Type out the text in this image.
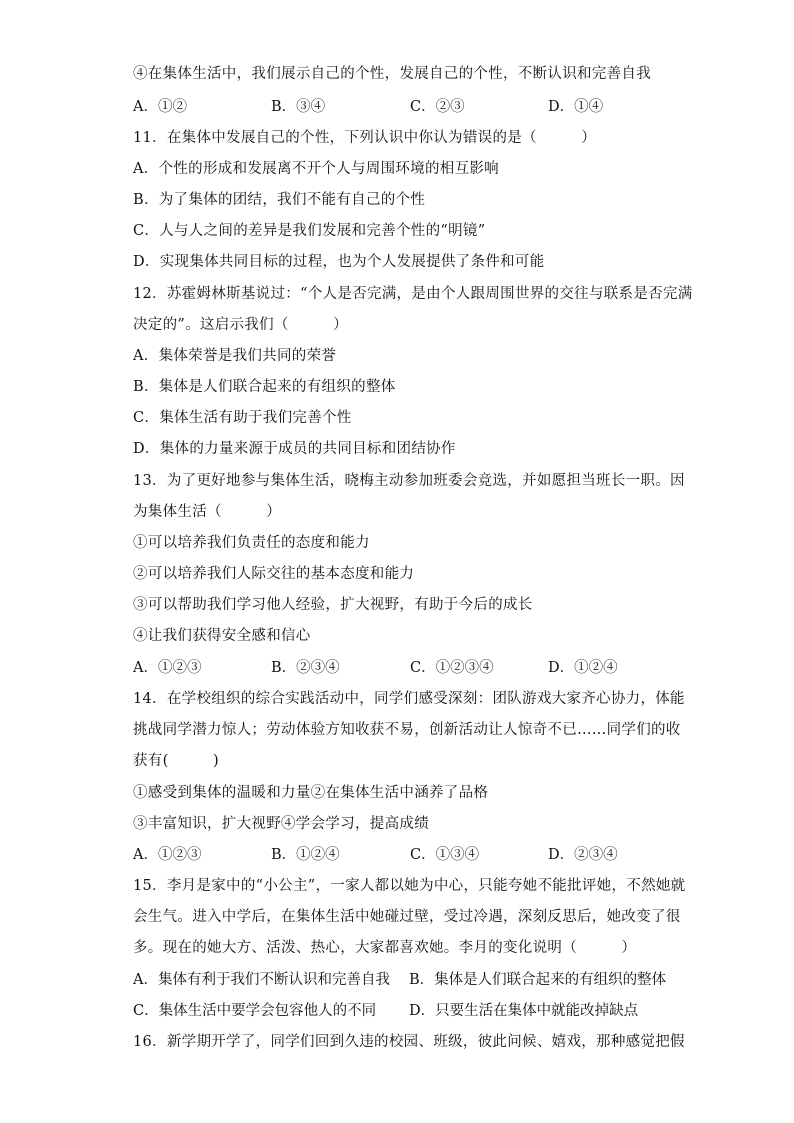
④在集体生活中，我们展示自己的个性，发展自己的个性，不断认识和完善自我
A．①②	B．③④	C．②③	D．①④
11．在集体中发展自己的个性，下列认识中你认为错误的是（　　　）
A．个性的形成和发展离不开个人与周围环境的相互影响
B．为了集体的团结，我们不能有自己的个性
C．人与人之间的差异是我们发展和完善个性的“明镜”
D．实现集体共同目标的过程，也为个人发展提供了条件和可能
12．苏霍姆林斯基说过：“个人是否完满，是由个人跟周围世界的交往与联系是否完满
决定的”。这启示我们（　　　）
A．集体荣誉是我们共同的荣誉
B．集体是人们联合起来的有组织的整体
C．集体生活有助于我们完善个性
D．集体的力量来源于成员的共同目标和团结协作
13．为了更好地参与集体生活，晓梅主动参加班委会竞选，并如愿担当班长一职。因
为集体生活（　　　）
①可以培养我们负责任的态度和能力
②可以培养我们人际交往的基本态度和能力
③可以帮助我们学习他人经验，扩大视野，有助于今后的成长
④让我们获得安全感和信心
A．①②③	B．②③④	C．①②③④	D．①②④
14．在学校组织的综合实践活动中，同学们感受深刻：团队游戏大家齐心协力，体能
挑战同学潜力惊人；劳动体验方知收获不易，创新活动让人惊奇不已……同学们的收
获有(　　　)
①感受到集体的温暖和力量②在集体生活中涵养了品格
③丰富知识，扩大视野④学会学习，提高成绩
A．①②③	B．①②④	C．①③④	D．②③④
15．李月是家中的“小公主”，一家人都以她为中心，只能夸她不能批评她，不然她就
会生气。进入中学后，在集体生活中她碰过壁，受过冷遇，深刻反思后，她改变了很
多。现在的她大方、活泼、热心，大家都喜欢她。李月的变化说明（　　　）
A．集体有利于我们不断认识和完善自我 B．集体是人们联合起来的有组织的整体
C．集体生活中要学会包容他人的不同 D．只要生活在集体中就能改掉缺点
16．新学期开学了，同学们回到久违的校园、班级，彼此问候、嬉戏，那种感觉把假
